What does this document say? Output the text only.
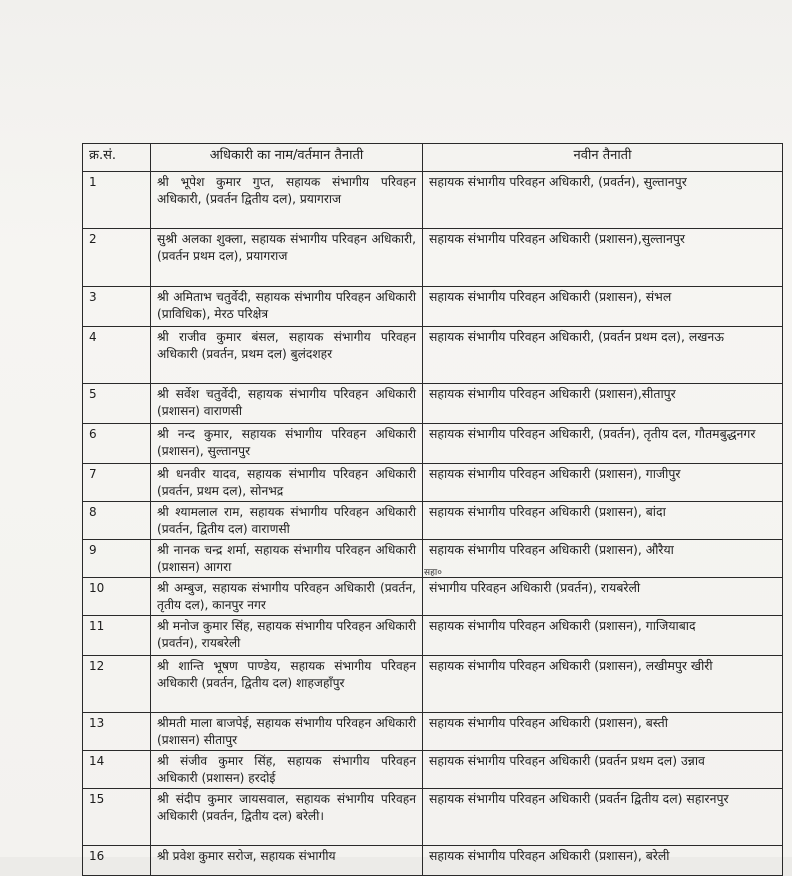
क्र.सं.	अधिकारी का नाम/वर्तमान तैनाती	नवीन तैनाती
1	श्री भूपेश कुमार गुप्त, सहायक संभागीय परिवहन अधिकारी, (प्रवर्तन द्वितीय दल), प्रयागराज	सहायक संभागीय परिवहन अधिकारी, (प्रवर्तन), सुल्तानपुर
2	सुश्री अलका शुक्ला, सहायक संभागीय परिवहन अधिकारी, (प्रवर्तन प्रथम दल), प्रयागराज	सहायक संभागीय परिवहन अधिकारी (प्रशासन),सुल्तानपुर
3	श्री अमिताभ चतुर्वेदी, सहायक संभागीय परिवहन अधिकारी (प्राविधिक), मेरठ परिक्षेत्र	सहायक संभागीय परिवहन अधिकारी (प्रशासन), संभल
4	श्री राजीव कुमार बंसल, सहायक संभागीय परिवहन अधिकारी (प्रवर्तन, प्रथम दल) बुलंदशहर	सहायक संभागीय परिवहन अधिकारी, (प्रवर्तन प्रथम दल), लखनऊ
5	श्री सर्वेश चतुर्वेदी, सहायक संभागीय परिवहन अधिकारी (प्रशासन) वाराणसी	सहायक संभागीय परिवहन अधिकारी (प्रशासन),सीतापुर
6	श्री नन्द कुमार, सहायक संभागीय परिवहन अधिकारी (प्रशासन), सुल्तानपुर	सहायक संभागीय परिवहन अधिकारी, (प्रवर्तन), तृतीय दल, गौतमबुद्धनगर
7	श्री धनवीर यादव, सहायक संभागीय परिवहन अधिकारी (प्रवर्तन, प्रथम दल), सोनभद्र	सहायक संभागीय परिवहन अधिकारी (प्रशासन), गाजीपुर
8	श्री श्यामलाल राम, सहायक संभागीय परिवहन अधिकारी (प्रवर्तन, द्वितीय दल) वाराणसी	सहायक संभागीय परिवहन अधिकारी (प्रशासन), बांदा
9	श्री नानक चन्द्र शर्मा, सहायक संभागीय परिवहन अधिकारी (प्रशासन) आगरा	सहायक संभागीय परिवहन अधिकारी (प्रशासन), औरैया
10	श्री अम्बुज, सहायक संभागीय परिवहन अधिकारी (प्रवर्तन, तृतीय दल), कानपुर नगर	संभागीय परिवहन अधिकारी (प्रवर्तन), रायबरेली
11	श्री मनोज कुमार सिंह, सहायक संभागीय परिवहन अधिकारी (प्रवर्तन), रायबरेली	सहायक संभागीय परिवहन अधिकारी (प्रशासन), गाजियाबाद
12	श्री शान्ति भूषण पाण्डेय, सहायक संभागीय परिवहन अधिकारी (प्रवर्तन, द्वितीय दल) शाहजहाँपुर	सहायक संभागीय परिवहन अधिकारी (प्रशासन), लखीमपुर खीरी
13	श्रीमती माला बाजपेई, सहायक संभागीय परिवहन अधिकारी (प्रशासन) सीतापुर	सहायक संभागीय परिवहन अधिकारी (प्रशासन), बस्ती
14	श्री संजीव कुमार सिंह, सहायक संभागीय परिवहन अधिकारी (प्रशासन) हरदोई	सहायक संभागीय परिवहन अधिकारी (प्रवर्तन प्रथम दल) उन्नाव
15	श्री संदीप कुमार जायसवाल, सहायक संभागीय परिवहन अधिकारी (प्रवर्तन, द्वितीय दल) बरेली।	सहायक संभागीय परिवहन अधिकारी (प्रवर्तन द्वितीय दल) सहारनपुर
16	श्री प्रवेश कुमार सरोज, सहायक संभागीय	सहायक संभागीय परिवहन अधिकारी (प्रशासन), बरेली
सहा०
